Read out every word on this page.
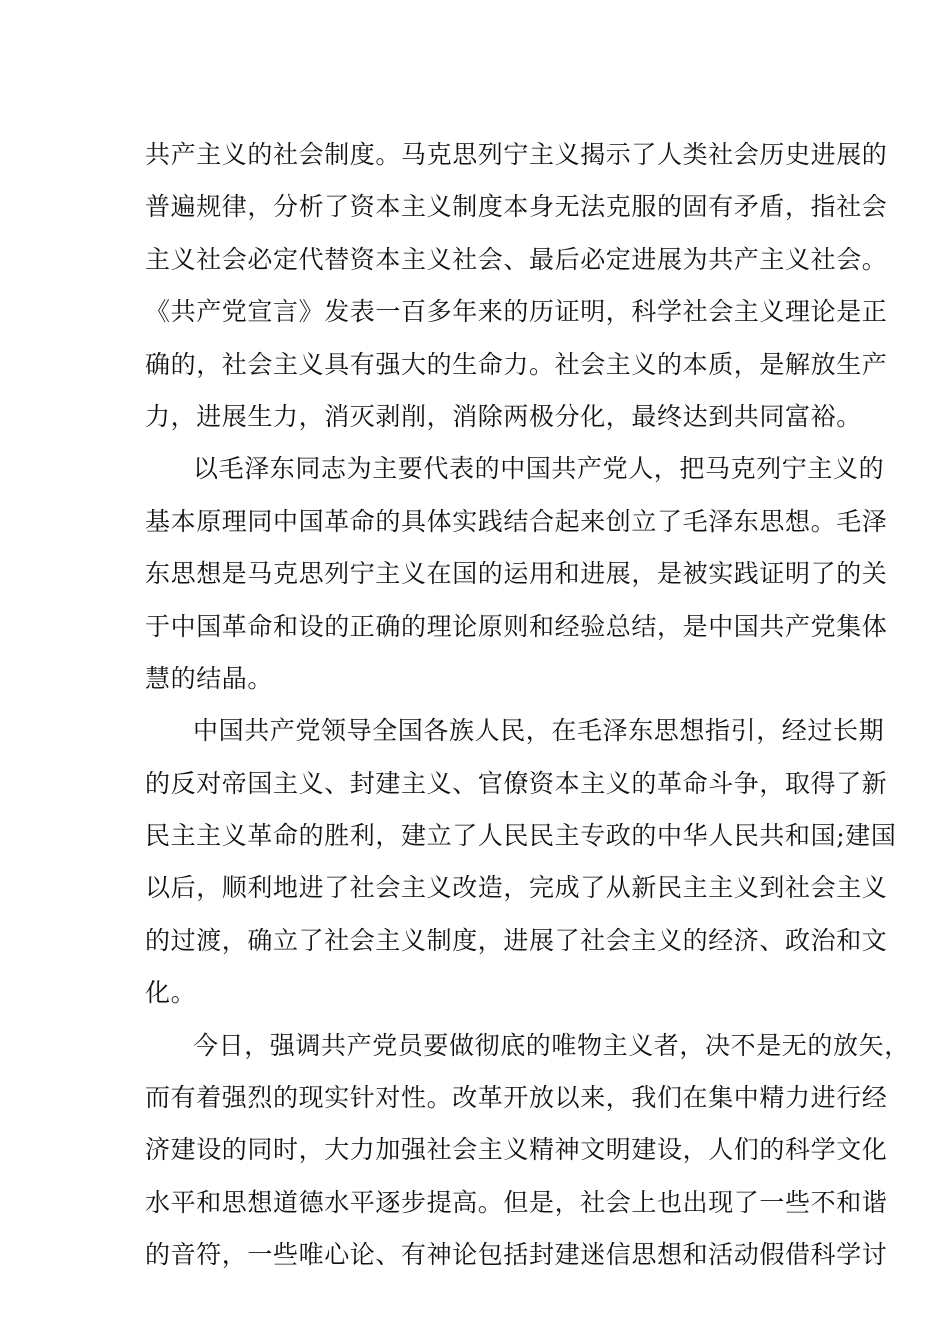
共产主义的社会制度。马克思列宁主义揭示了人类社会历史进展的
普遍规律，分析了资本主义制度本身无法克服的固有矛盾，指社会
主义社会必定代替资本主义社会、最后必定进展为共产主义社会。
《共产党宣言》发表一百多年来的历证明，科学社会主义理论是正
确的，社会主义具有强大的生命力。社会主义的本质，是解放生产
力，进展生力，消灭剥削，消除两极分化，最终达到共同富裕。
以毛泽东同志为主要代表的中国共产党人，把马克列宁主义的
基本原理同中国革命的具体实践结合起来创立了毛泽东思想。毛泽
东思想是马克思列宁主义在国的运用和进展，是被实践证明了的关
于中国革命和设的正确的理论原则和经验总结，是中国共产党集体
慧的结晶。
中国共产党领导全国各族人民，在毛泽东思想指引，经过长期
的反对帝国主义、封建主义、官僚资本主义的革命斗争，取得了新
民主主义革命的胜利，建立了人民民主专政的中华人民共和国;建国
以后，顺利地进了社会主义改造，完成了从新民主主义到社会主义
的过渡，确立了社会主义制度，进展了社会主义的经济、政治和文
化。
今日，强调共产党员要做彻底的唯物主义者，决不是无的放矢，
而有着强烈的现实针对性。改革开放以来，我们在集中精力进行经
济建设的同时，大力加强社会主义精神文明建设，人们的科学文化
水平和思想道德水平逐步提高。但是，社会上也出现了一些不和谐
的音符，一些唯心论、有神论包括封建迷信思想和活动假借科学讨
